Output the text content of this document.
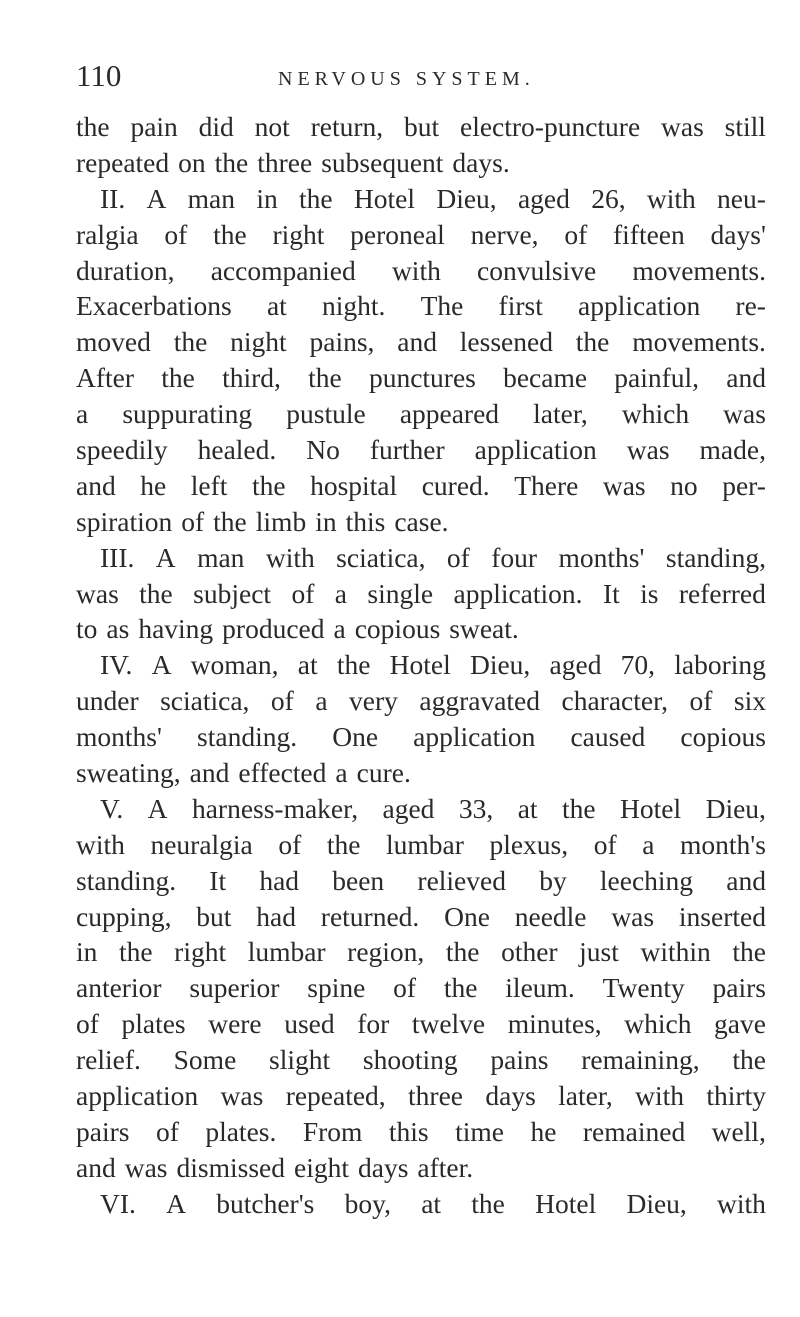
110	NERVOUS SYSTEM.
the pain did not return, but electro-puncture was still
repeated on the three subsequent days.
II. A man in the Hotel Dieu, aged 26, with neu-
ralgia of the right peroneal nerve, of fifteen days'
duration, accompanied with convulsive movements.
Exacerbations at night. The first application re-
moved the night pains, and lessened the movements.
After the third, the punctures became painful, and
a suppurating pustule appeared later, which was
speedily healed. No further application was made,
and he left the hospital cured. There was no per-
spiration of the limb in this case.
III. A man with sciatica, of four months' standing,
was the subject of a single application. It is referred
to as having produced a copious sweat.
IV. A woman, at the Hotel Dieu, aged 70, laboring
under sciatica, of a very aggravated character, of six
months' standing. One application caused copious
sweating, and effected a cure.
V. A harness-maker, aged 33, at the Hotel Dieu,
with neuralgia of the lumbar plexus, of a month's
standing. It had been relieved by leeching and
cupping, but had returned. One needle was inserted
in the right lumbar region, the other just within the
anterior superior spine of the ileum. Twenty pairs
of plates were used for twelve minutes, which gave
relief. Some slight shooting pains remaining, the
application was repeated, three days later, with thirty
pairs of plates. From this time he remained well,
and was dismissed eight days after.
VI. A butcher's boy, at the Hotel Dieu, with
